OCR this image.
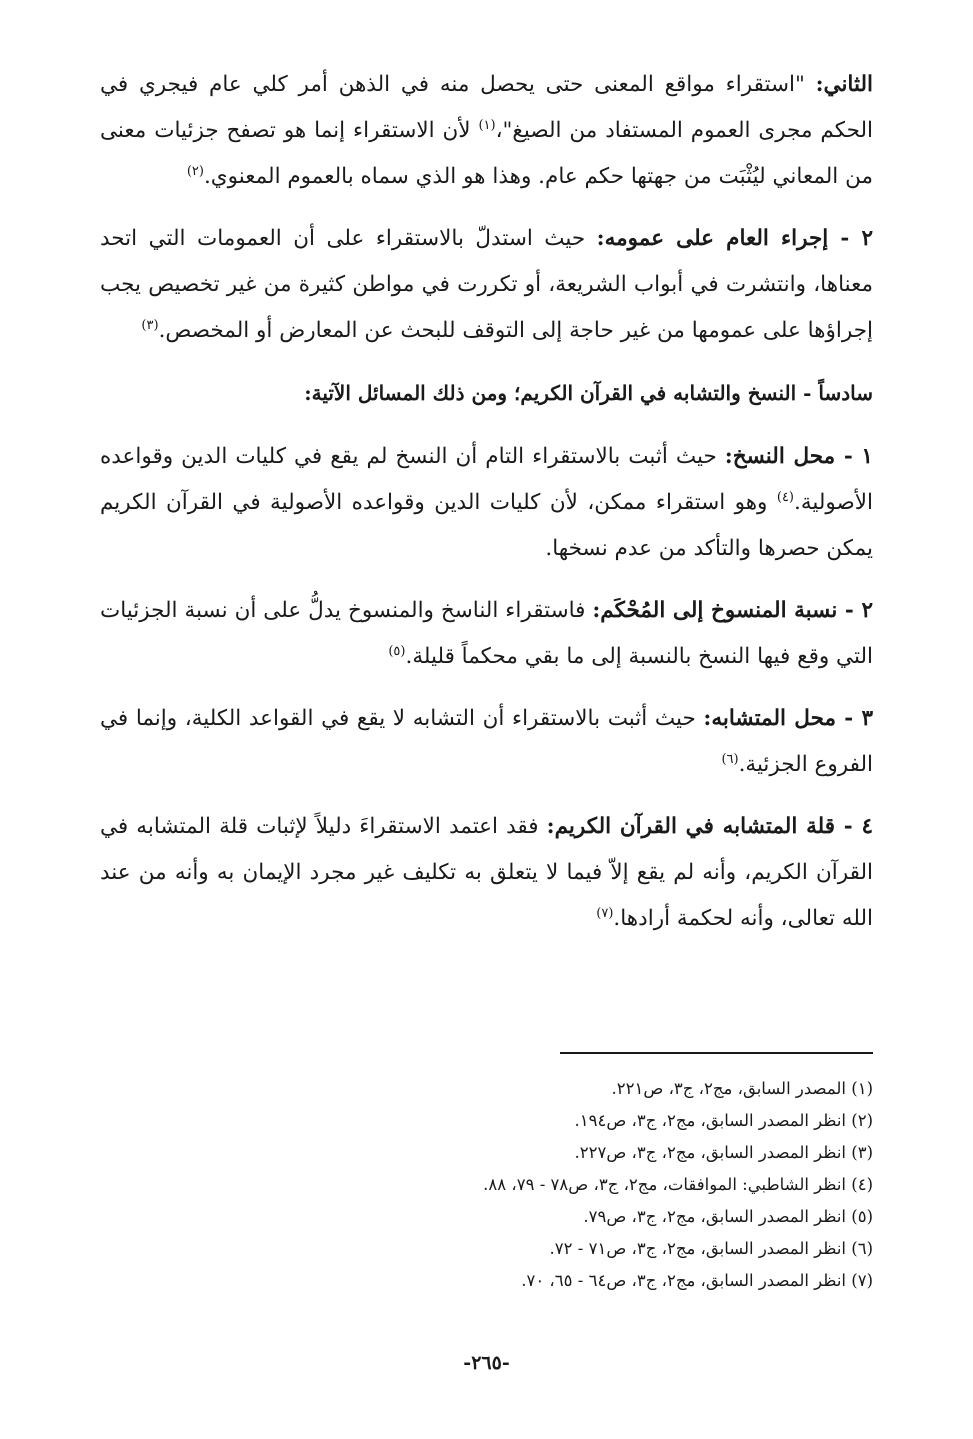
الثاني: "استقراء مواقع المعنى حتى يحصل منه في الذهن أمر كلي عام فيجري في الحكم مجرى العموم المستفاد من الصيغ"،$^{(١)}$ لأن الاستقراء إنما هو تصفح جزئيات معنى من المعاني ليُثْبَت من جهتها حكم عام. وهذا هو الذي سماه بالعموم المعنوي.$^{(٢)}$

٢ - إجراء العام على عمومه: حيث استدلّ بالاستقراء على أن العمومات التي اتحد معناها، وانتشرت في أبواب الشريعة، أو تكررت في مواطن كثيرة من غير تخصيص يجب إجراؤها على عمومها من غير حاجة إلى التوقف للبحث عن المعارض أو المخصص.$^{(٣)}$

سادساً - النسخ والتشابه في القرآن الكريم؛ ومن ذلك المسائل الآتية:

١ - محل النسخ: حيث أثبت بالاستقراء التام أن النسخ لم يقع في كليات الدين وقواعده الأصولية.$^{(٤)}$ وهو استقراء ممكن، لأن كليات الدين وقواعده الأصولية في القرآن الكريم يمكن حصرها والتأكد من عدم نسخها.

٢ - نسبة المنسوخ إلى المُحْكَم: فاستقراء الناسخ والمنسوخ يدلُّ على أن نسبة الجزئيات التي وقع فيها النسخ بالنسبة إلى ما بقي محكماً قليلة.$^{(٥)}$

٣ - محل المتشابه: حيث أثبت بالاستقراء أن التشابه لا يقع في القواعد الكلية، وإنما في الفروع الجزئية.$^{(٦)}$

٤ - قلة المتشابه في القرآن الكريم: فقد اعتمد الاستقراءَ دليلاً لإثبات قلة المتشابه في القرآن الكريم، وأنه لم يقع إلاّ فيما لا يتعلق به تكليف غير مجرد الإيمان به وأنه من عند الله تعالى، وأنه لحكمة أرادها.$^{(٧)}$

(١) المصدر السابق، مج٢، ج٣، ص٢٢١.
(٢) انظر المصدر السابق، مج٢، ج٣، ص١٩٤.
(٣) انظر المصدر السابق، مج٢، ج٣، ص٢٢٧.
(٤) انظر الشاطبي: الموافقات، مج٢، ج٣، ص٧٨ - ٧٩، ٨٨.
(٥) انظر المصدر السابق، مج٢، ج٣، ص٧٩.
(٦) انظر المصدر السابق، مج٢، ج٣، ص٧١ - ٧٢.
(٧) انظر المصدر السابق، مج٢، ج٣، ص٦٤ - ٦٥، ٧٠.
-٢٦٥-
